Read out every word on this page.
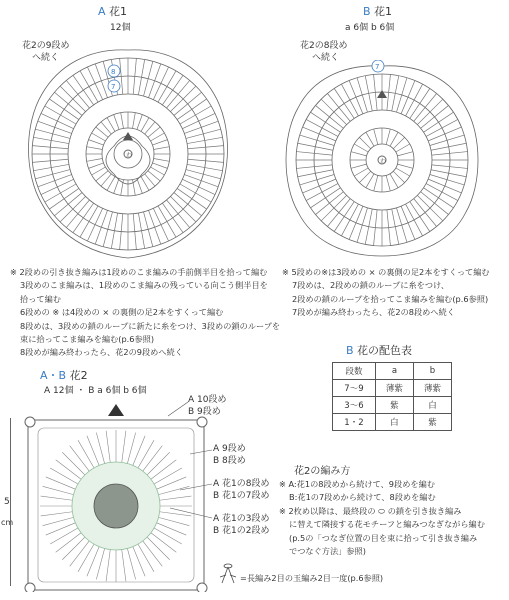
A 花1
12個
花2の9段め
へ続く
わ
8
7
B 花1
a 6個 b 6個
花2の8段め
へ続く
わ
7
※ 2段めの引き抜き編みは1段めのこま編みの手前側半目を拾って編む
3段めのこま編みは、1段めのこま編みの残っている向こう側半目を
拾って編む
6段めの ※ は4段めの × の裏側の足2本をすくって編む
8段めは、3段めの鎖のループに新たに糸をつけ、3段めの鎖のループを
束に拾ってこま編みを編む(p.6参照)
8段めが編み終わったら、花2の9段めへ続く
※ 5段めの※は3段めの × の裏側の足2本をすくって編む
7段めは、2段めの鎖のループに糸をつけ、
2段めの鎖のループを拾ってこま編みを編む(p.6参照)
7段めが編み終わったら、花2の8段めへ続く
B 花の配色表
段数	a	b
7〜9	薄紫	薄紫
3〜6	紫	白
1・2	白	紫
A・B 花2
A 12個 ・ B a 6個 b 6個
5
cm
A 10段め
B 9段め
A 9段め
B 8段め
A 花1の8段め
B 花1の7段め
A 花1の3段め
B 花1の2段め
花2の編み方
※ A:花1の8段めから続けて、9段めを編む
B:花1の7段めから続けて、8段めを編む
※ 2枚め以降は、最終段の ⬭ の鎖を引き抜き編み
に替えて隣接する花モチーフと編みつなぎながら編む
(p.5の「つなぎ位置の目を束に拾って引き抜き編み
でつなぐ方法」参照)
=長編み2目の玉編み2目一度(p.6参照)
